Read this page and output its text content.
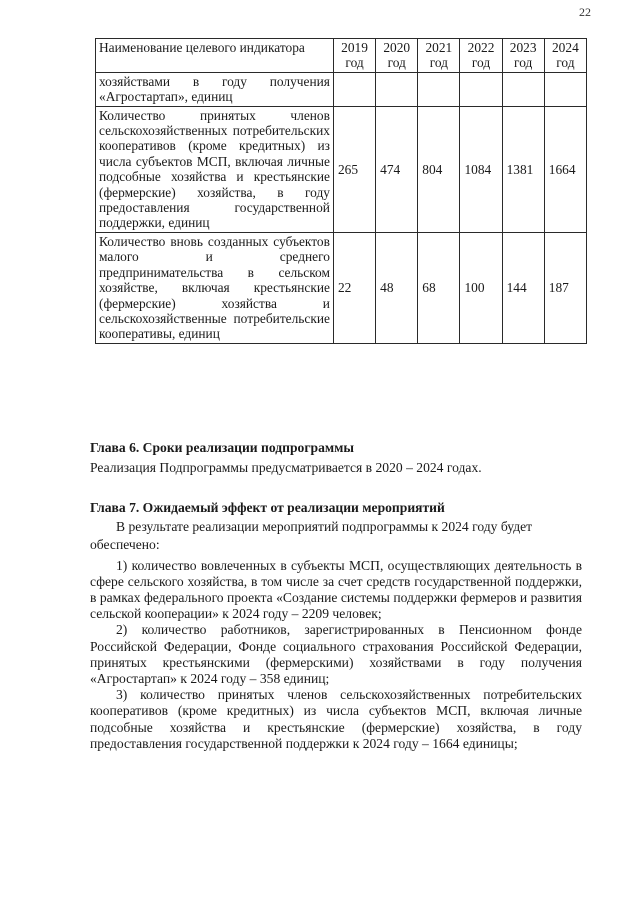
22
Наименование целевого индикатора	2019 год	2020 год	2021 год	2022 год	2023 год	2024 год
хозяйствами в году получения «Агростартап», единиц						
Количество принятых членов сельскохозяйственных потребительских кооперативов (кроме кредитных) из числа субъектов МСП, включая личные подсобные хозяйства и крестьянские (фермерские) хозяйства, в году предоставления государственной поддержки, единиц	265	474	804	1084	1381	1664
Количество вновь созданных субъектов малого и среднего предпринимательства в сельском хозяйстве, включая крестьянские (фермерские) хозяйства и сельскохозяйственные потребительские кооперативы, единиц	22	48	68	100	144	187

Глава 6. Сроки реализации подпрограммы

Реализация Подпрограммы предусматривается в 2020 – 2024 годах.

Глава 7. Ожидаемый эффект от реализации мероприятий

В результате реализации мероприятий подпрограммы к 2024 году будет

обеспечено:

1) количество вовлеченных в субъекты МСП, осуществляющих деятельность в сфере сельского хозяйства, в том числе за счет средств государственной поддержки, в рамках федерального проекта «Создание системы поддержки фермеров и развития сельской кооперации» к 2024 году – 2209 человек;

2) количество работников, зарегистрированных в Пенсионном фонде Российской Федерации, Фонде социального страхования Российской Федерации, принятых крестьянскими (фермерскими) хозяйствами в году получения «Агростартап» к 2024 году – 358 единиц;

3) количество принятых членов сельскохозяйственных потребительских кооперативов (кроме кредитных) из числа субъектов МСП, включая личные подсобные хозяйства и крестьянские (фермерские) хозяйства, в году предоставления государственной поддержки к 2024 году – 1664 единицы;
